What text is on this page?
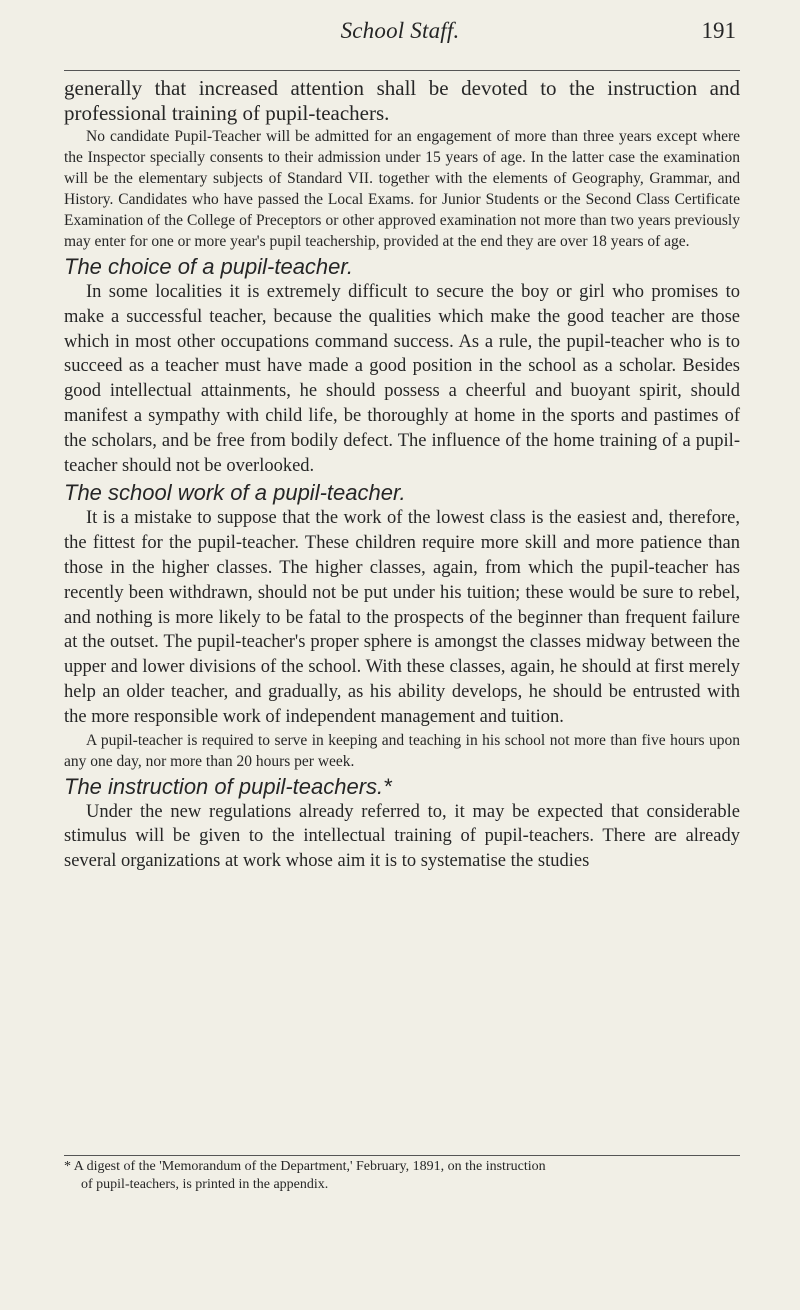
School Staff.	191

generally that increased attention shall be devoted to the instruction and professional training of pupil-teachers.

No candidate Pupil-Teacher will be admitted for an engagement of more than three years except where the Inspector specially consents to their admission under 15 years of age. In the latter case the examination will be the elementary subjects of Standard VII. together with the elements of Geography, Grammar, and History. Candidates who have passed the Local Exams. for Junior Students or the Second Class Certificate Examination of the College of Preceptors or other approved examination not more than two years previously may enter for one or more year's pupil teachership, provided at the end they are over 18 years of age.

The choice of a pupil-teacher.

In some localities it is extremely difficult to secure the boy or girl who promises to make a successful teacher, because the qualities which make the good teacher are those which in most other occupations command success. As a rule, the pupil-teacher who is to succeed as a teacher must have made a good position in the school as a scholar. Besides good intellectual attainments, he should possess a cheerful and buoyant spirit, should manifest a sympathy with child life, be thoroughly at home in the sports and pastimes of the scholars, and be free from bodily defect. The influence of the home training of a pupil-teacher should not be overlooked.

The school work of a pupil-teacher.

It is a mistake to suppose that the work of the lowest class is the easiest and, therefore, the fittest for the pupil-teacher. These children require more skill and more patience than those in the higher classes. The higher classes, again, from which the pupil-teacher has recently been withdrawn, should not be put under his tuition; these would be sure to rebel, and nothing is more likely to be fatal to the prospects of the beginner than frequent failure at the outset. The pupil-teacher's proper sphere is amongst the classes midway between the upper and lower divisions of the school. With these classes, again, he should at first merely help an older teacher, and gradually, as his ability develops, he should be entrusted with the more responsible work of independent management and tuition.

A pupil-teacher is required to serve in keeping and teaching in his school not more than five hours upon any one day, nor more than 20 hours per week.

The instruction of pupil-teachers.*

Under the new regulations already referred to, it may be expected that considerable stimulus will be given to the intellectual training of pupil-teachers. There are already several organizations at work whose aim it is to systematise the studies

* A digest of the 'Memorandum of the Department,' February, 1891, on the instruction
of pupil-teachers, is printed in the appendix.
